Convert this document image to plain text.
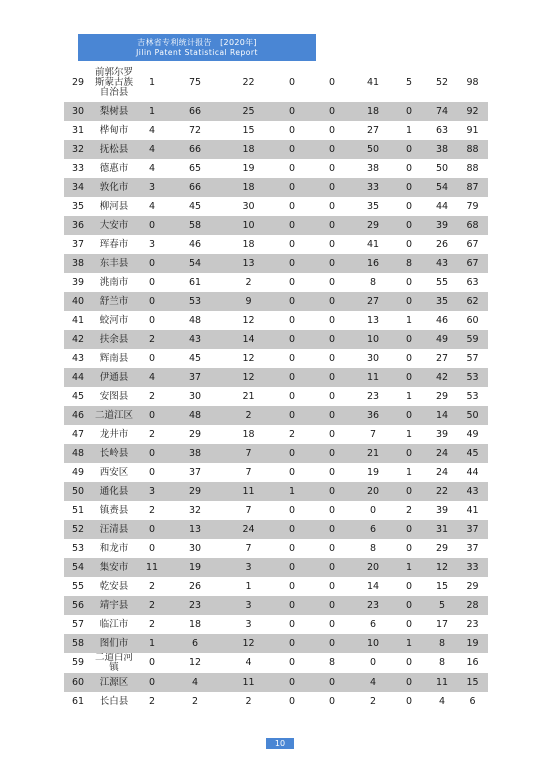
吉林省专利统计报告　[2020年]
Jilin Patent Statistical Report
29	前郭尔罗斯蒙古族自治县	1	75	22	0	0	41	5	52	98
30	梨树县	1	66	25	0	0	18	0	74	92
31	桦甸市	4	72	15	0	0	27	1	63	91
32	抚松县	4	66	18	0	0	50	0	38	88
33	德惠市	4	65	19	0	0	38	0	50	88
34	敦化市	3	66	18	0	0	33	0	54	87
35	柳河县	4	45	30	0	0	35	0	44	79
36	大安市	0	58	10	0	0	29	0	39	68
37	珲春市	3	46	18	0	0	41	0	26	67
38	东丰县	0	54	13	0	0	16	8	43	67
39	洮南市	0	61	2	0	0	8	0	55	63
40	舒兰市	0	53	9	0	0	27	0	35	62
41	蛟河市	0	48	12	0	0	13	1	46	60
42	扶余县	2	43	14	0	0	10	0	49	59
43	辉南县	0	45	12	0	0	30	0	27	57
44	伊通县	4	37	12	0	0	11	0	42	53
45	安图县	2	30	21	0	0	23	1	29	53
46	二道江区	0	48	2	0	0	36	0	14	50
47	龙井市	2	29	18	2	0	7	1	39	49
48	长岭县	0	38	7	0	0	21	0	24	45
49	西安区	0	37	7	0	0	19	1	24	44
50	通化县	3	29	11	1	0	20	0	22	43
51	镇赉县	2	32	7	0	0	0	2	39	41
52	汪清县	0	13	24	0	0	6	0	31	37
53	和龙市	0	30	7	0	0	8	0	29	37
54	集安市	11	19	3	0	0	20	1	12	33
55	乾安县	2	26	1	0	0	14	0	15	29
56	靖宇县	2	23	3	0	0	23	0	5	28
57	临江市	2	18	3	0	0	6	0	17	23
58	图们市	1	6	12	0	0	10	1	8	19
59	二道白河镇	0	12	4	0	8	0	0	8	16
60	江源区	0	4	11	0	0	4	0	11	15
61	长白县	2	2	2	0	0	2	0	4	6
10
